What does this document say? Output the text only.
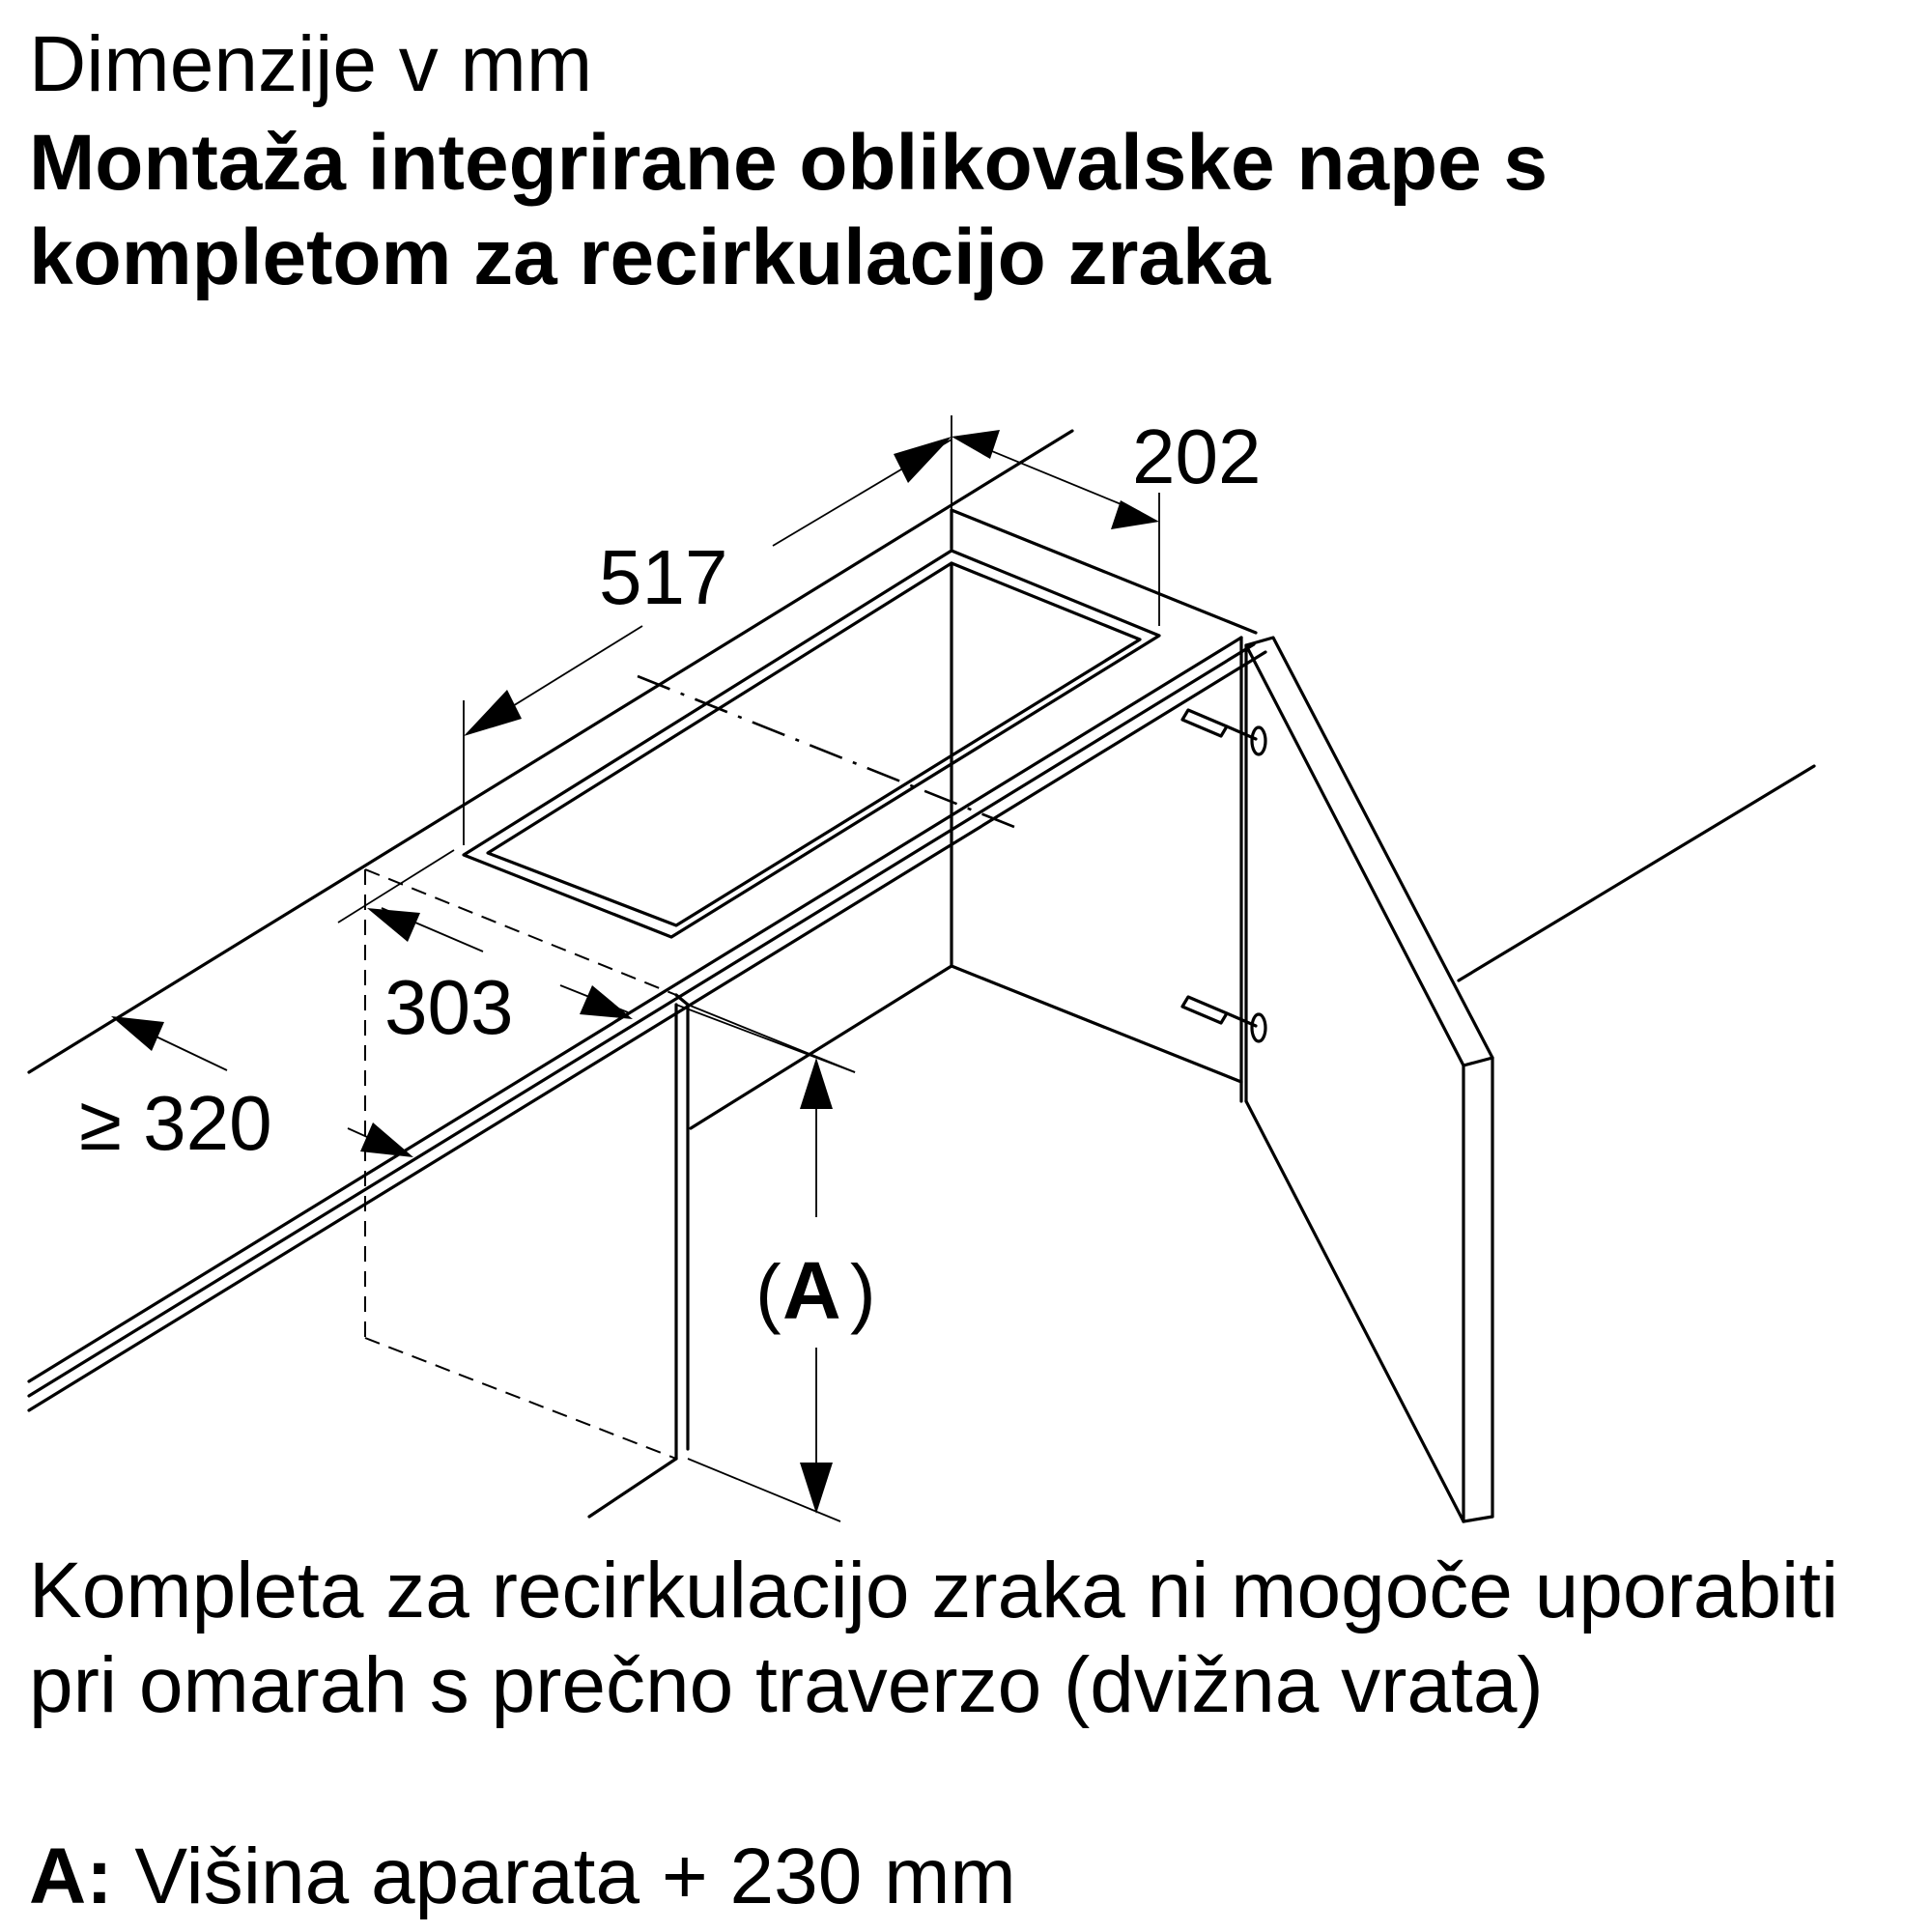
Dimenzije v mm
Montaža integrirane oblikovalske nape s kompletom za recirkulacijo zraka
202
517
303
≥ 320
( A )
Kompleta za recirkulacijo zraka ni mogoče uporabiti pri omarah s prečno traverzo (dvižna vrata)
A: Višina aparata + 230 mm
